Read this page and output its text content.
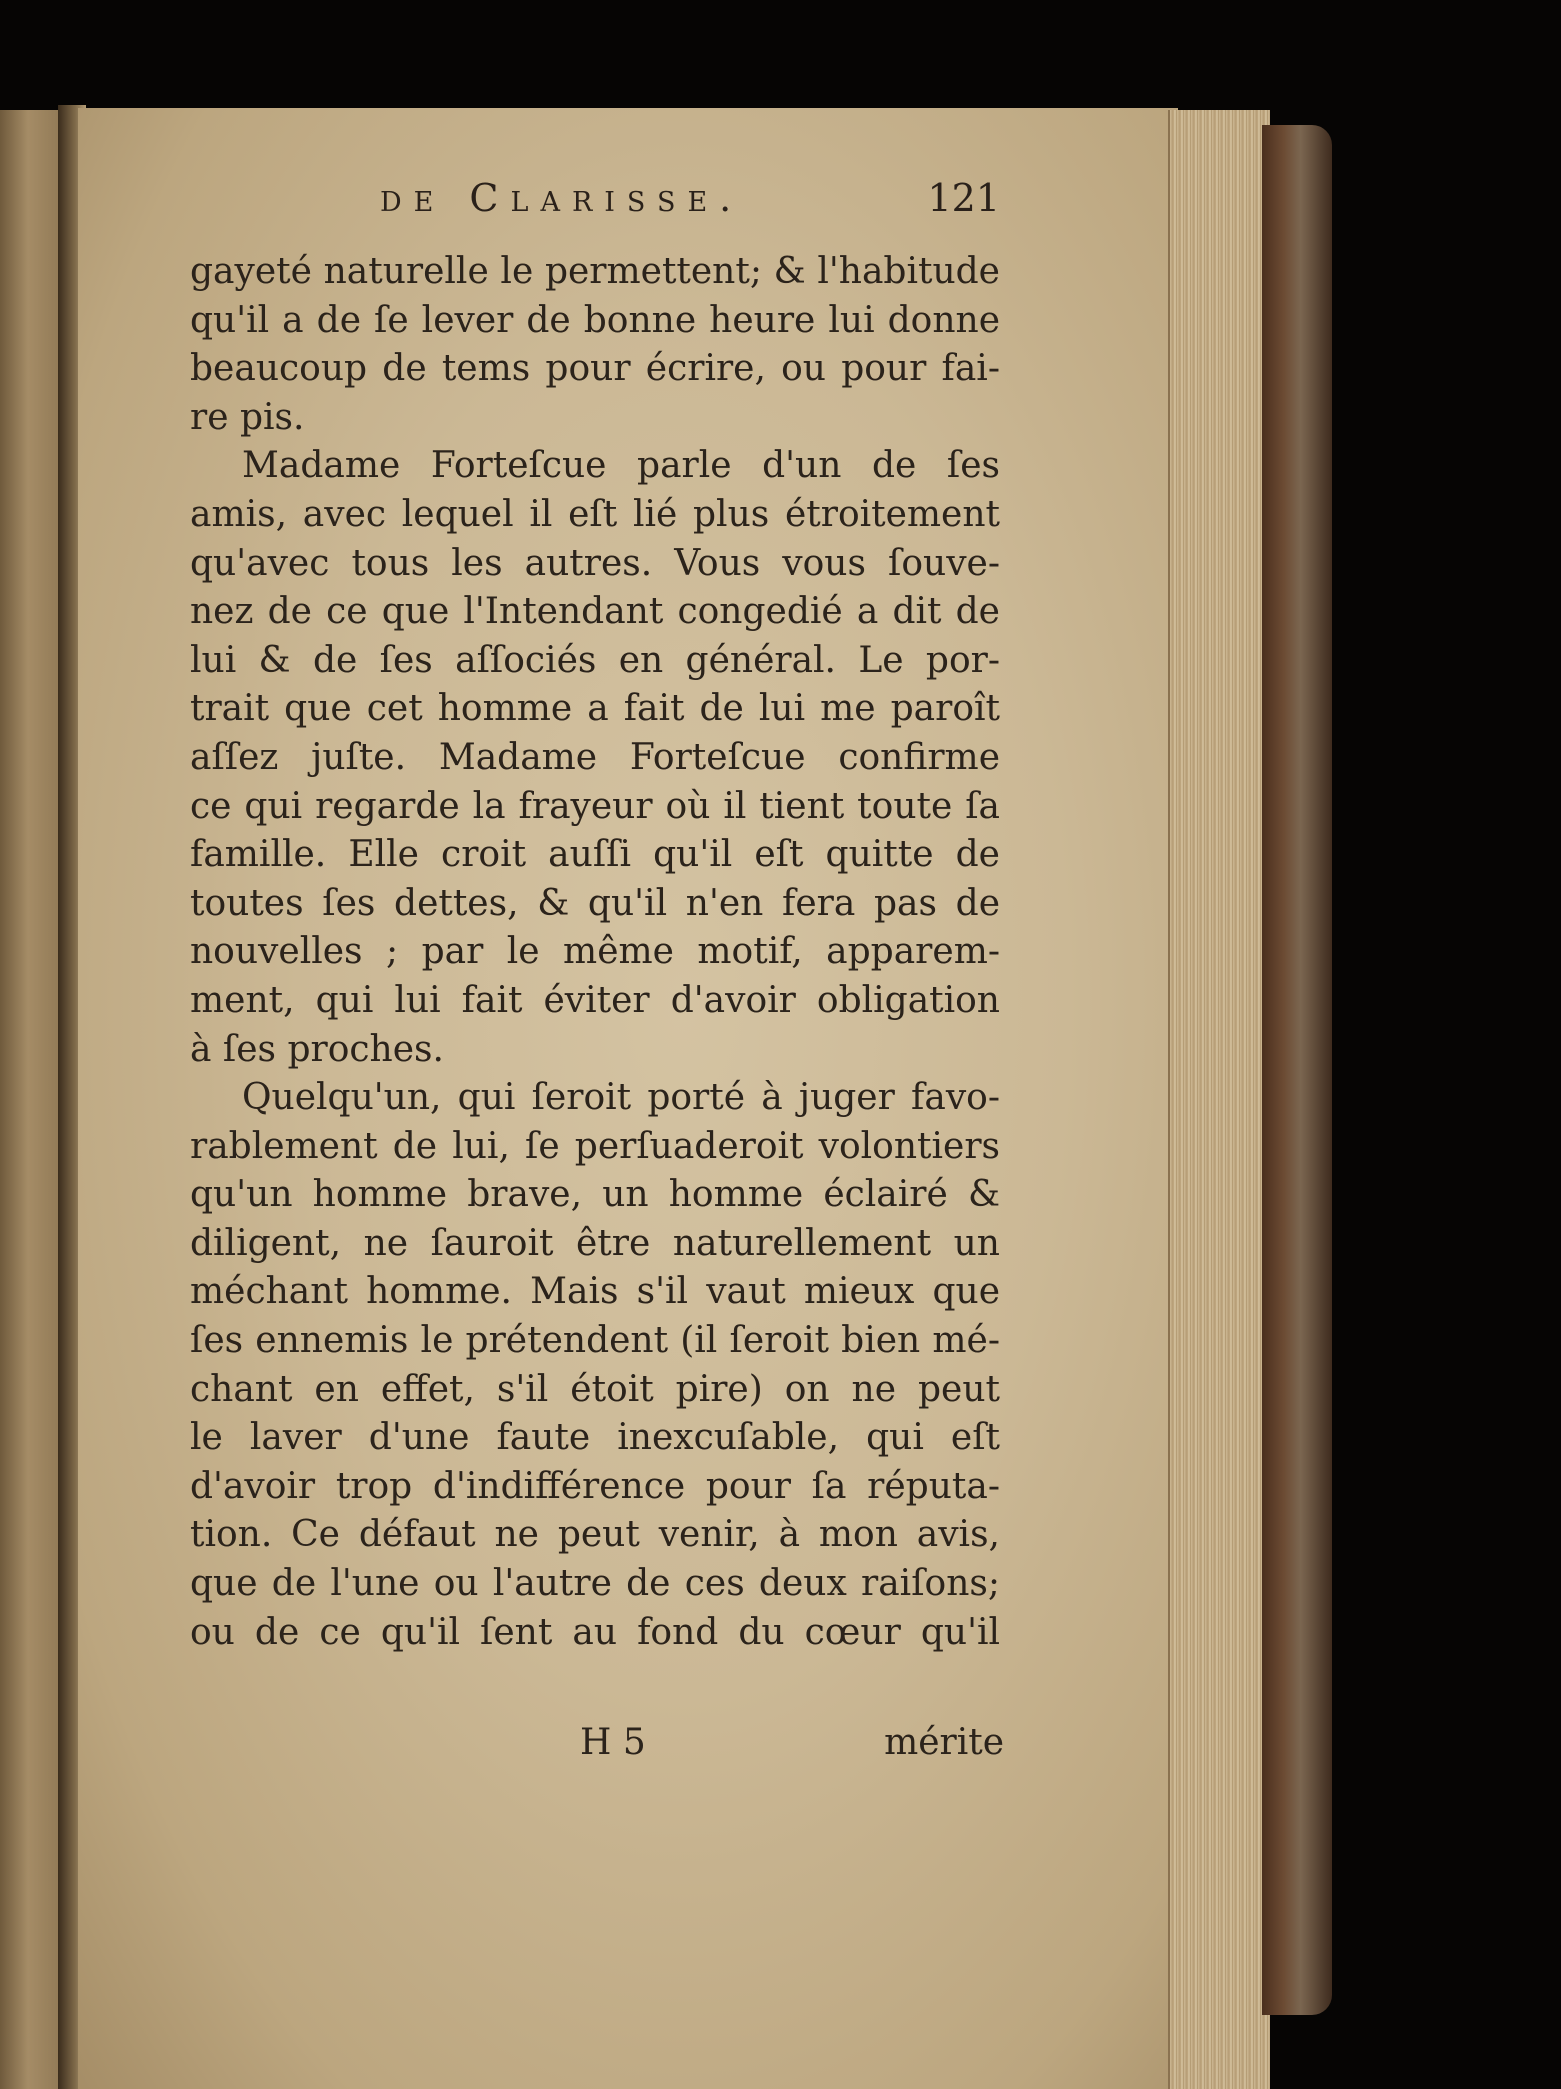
de Clarisse.	121
gayeté naturelle le permettent; & l'habitude
qu'il a de ſe lever de bonne heure lui donne
beaucoup de tems pour écrire, ou pour fai-
re pis.
Madame Forteſcue parle d'un de ſes
amis, avec lequel il eſt lié plus étroitement
qu'avec tous les autres. Vous vous ſouve-
nez de ce que l'Intendant congedié a dit de
lui & de ſes aſſociés en général. Le por-
trait que cet homme a fait de lui me paroît
aſſez juſte. Madame Forteſcue confirme
ce qui regarde la frayeur où il tient toute ſa
famille. Elle croit auſſi qu'il eſt quitte de
toutes ſes dettes, & qu'il n'en fera pas de
nouvelles ; par le même motif, apparem-
ment, qui lui fait éviter d'avoir obligation
à ſes proches.
Quelqu'un, qui ſeroit porté à juger favo-
rablement de lui, ſe perſuaderoit volontiers
qu'un homme brave, un homme éclairé &
diligent, ne ſauroit être naturellement un
méchant homme. Mais s'il vaut mieux que
ſes ennemis le prétendent (il ſeroit bien mé-
chant en effet, s'il étoit pire) on ne peut
le laver d'une faute inexcuſable, qui eſt
d'avoir trop d'indifférence pour ſa réputa-
tion. Ce défaut ne peut venir, à mon avis,
que de l'une ou l'autre de ces deux raiſons;
ou de ce qu'il ſent au fond du cœur qu'il
H 5	mérite
